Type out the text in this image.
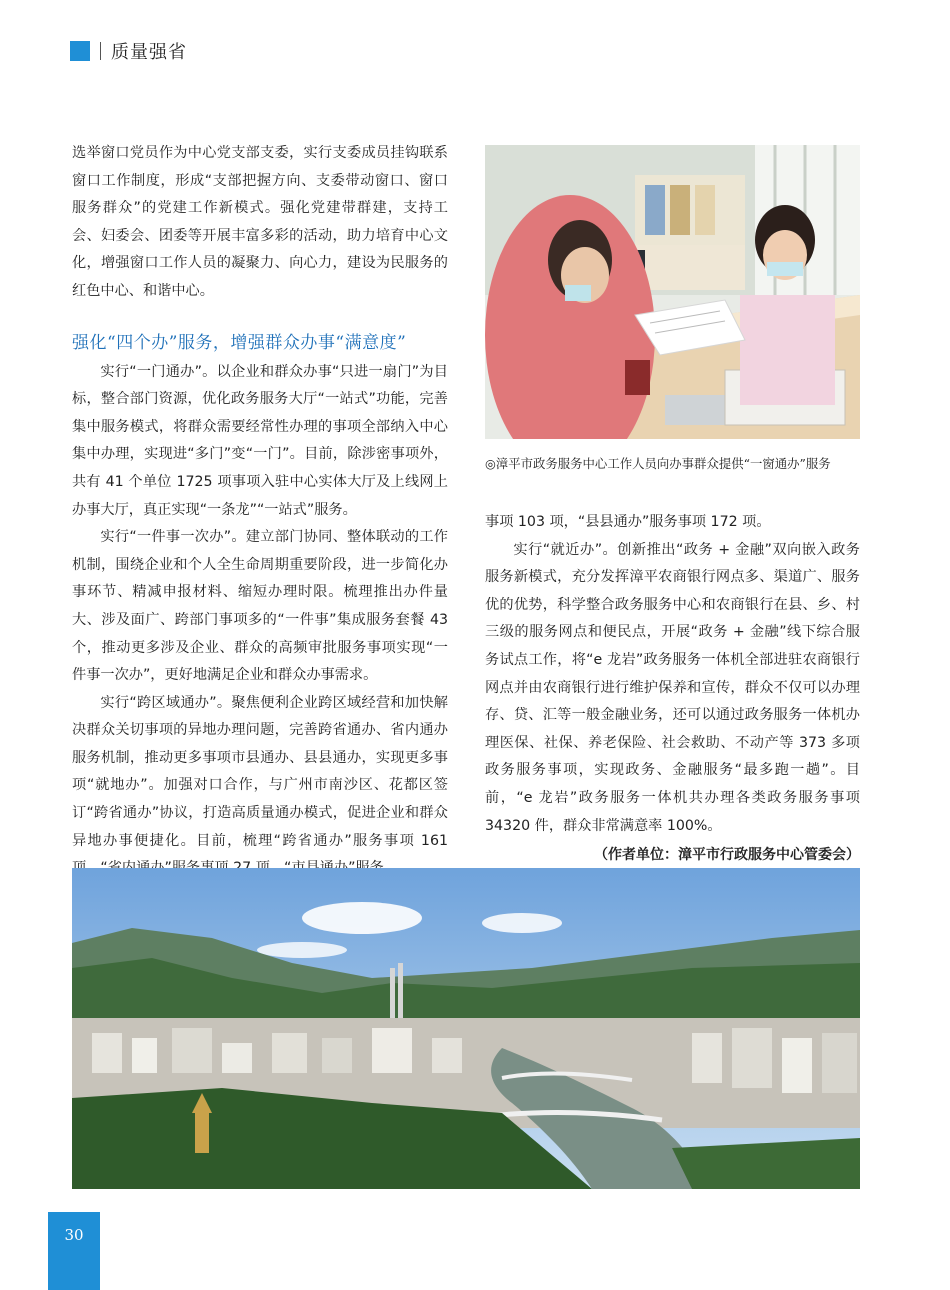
质量强省

选举窗口党员作为中心党支部支委，实行支委成员挂钩联系窗口工作制度，形成“支部把握方向、支委带动窗口、窗口服务群众”的党建工作新模式。强化党建带群建，支持工会、妇委会、团委等开展丰富多彩的活动，助力培育中心文化，增强窗口工作人员的凝聚力、向心力，建设为民服务的红色中心、和谐中心。

强化“四个办”服务，增强群众办事“满意度”

实行“一门通办”。以企业和群众办事“只进一扇门”为目标，整合部门资源，优化政务服务大厅“一站式”功能，完善集中服务模式，将群众需要经常性办理的事项全部纳入中心集中办理，实现进“多门”变“一门”。目前，除涉密事项外，共有 41 个单位 1725 项事项入驻中心实体大厅及上线网上办事大厅，真正实现“一条龙”“一站式”服务。

实行“一件事一次办”。建立部门协同、整体联动的工作机制，围绕企业和个人全生命周期重要阶段，进一步简化办事环节、精减申报材料、缩短办理时限。梳理推出办件量大、涉及面广、跨部门事项多的“一件事”集成服务套餐 43 个，推动更多涉及企业、群众的高频审批服务事项实现“一件事一次办”，更好地满足企业和群众办事需求。

实行“跨区域通办”。聚焦便利企业跨区域经营和加快解决群众关切事项的异地办理问题，完善跨省通办、省内通办服务机制，推动更多事项市县通办、县县通办，实现更多事项“就地办”。加强对口合作，与广州市南沙区、花都区签订“跨省通办”协议，打造高质量通办模式，促进企业和群众异地办事便捷化。目前，梳理“跨省通办”服务事项 161

◎漳平市政务服务中心工作人员向办事群众提供“一窗通办”服务

事项 103 项，“县县通办”服务事项 172 项。

实行“就近办”。创新推出“政务 + 金融”双向嵌入政务服务新模式，充分发挥漳平农商银行网点多、渠道广、服务优的优势，科学整合政务服务中心和农商银行在县、乡、村三级的服务网点和便民点，开展“政务 + 金融”线下综合服务试点工作，将“e 龙岩”政务服务一体机全部进驻农商银行网点并由农商银行进行维护保养和宣传，群众不仅可以办理存、贷、汇等一般金融业务，还可以通过政务服务一体机办理医保、社保、养老保险、社会救助、不动产等 373 多项政务服务事项，实现政务、金融服务“最多跑一趟”。目前，“e 龙岩”政务服务一体机共办理各类政务服务事项 34320 件，群众非常满意率 100%。

（作者单位：漳平市行政服务中心管委会）

30
